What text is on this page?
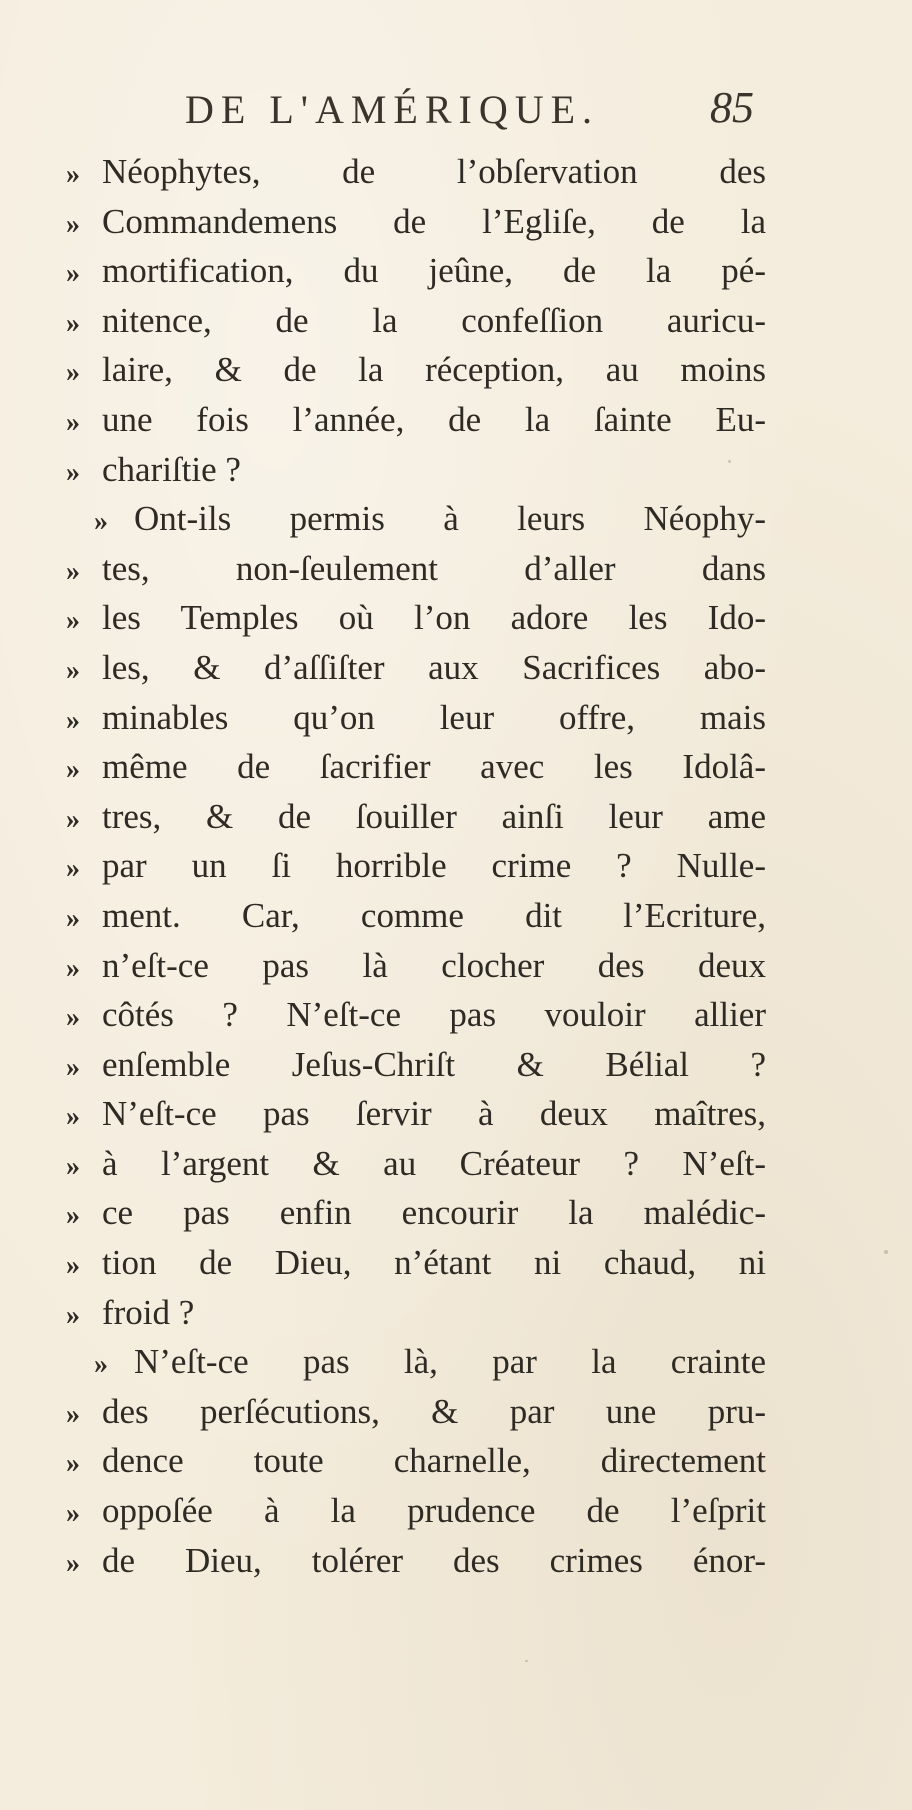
DE L'AMÉRIQUE.	85
» Néophytes, de l’obſervation des
» Commandemens de l’Egliſe, de la
» mortification, du jeûne, de la pé-
» nitence, de la confeſſion auricu-
» laire, & de la réception, au moins
» une fois l’année, de la ſainte Eu-
» chariſtie ?
» Ont-ils permis à leurs Néophy-
» tes, non-ſeulement d’aller dans
» les Temples où l’on adore les Ido-
» les, & d’aſſiſter aux Sacrifices abo-
» minables qu’on leur offre, mais
» même de ſacrifier avec les Idolâ-
» tres, & de ſouiller ainſi leur ame
» par un ſi horrible crime ? Nulle-
» ment. Car, comme dit l’Ecriture,
» n’eſt-ce pas là clocher des deux
» côtés ? N’eſt-ce pas vouloir allier
» enſemble Jeſus-Chriſt & Bélial ?
» N’eſt-ce pas ſervir à deux maîtres,
» à l’argent & au Créateur ? N’eſt-
» ce pas enfin encourir la malédic-
» tion de Dieu, n’étant ni chaud, ni
» froid ?
» N’eſt-ce pas là, par la crainte
» des perſécutions, & par une pru-
» dence toute charnelle, directement
» oppoſée à la prudence de l’eſprit
» de Dieu, tolérer des crimes énor-
